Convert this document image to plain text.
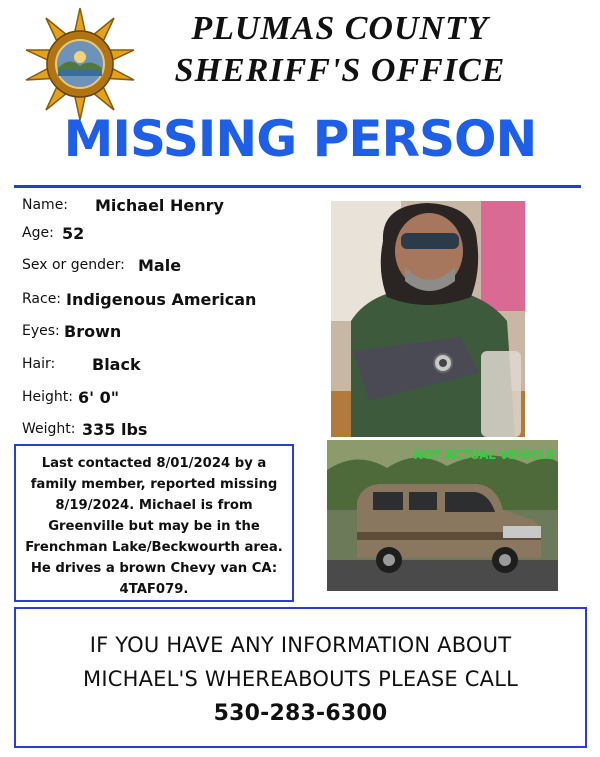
PLUMAS COUNTY
SHERIFF'S OFFICE
MISSING PERSON
Name: Michael Henry
Age: 52
Sex or gender: Male
Race: Indigenous American
Eyes: Brown
Hair: Black
Height: 6' 0"
Weight: 335 lbs
NOT ACTUAL VEHICLE
Last contacted 8/01/2024 by a family member, reported missing 8/19/2024. Michael is from Greenville but may be in the Frenchman Lake/Beckwourth area. He drives a brown Chevy van CA: 4TAF079.
IF YOU HAVE ANY INFORMATION ABOUT
MICHAEL'S WHEREABOUTS PLEASE CALL
530-283-6300
